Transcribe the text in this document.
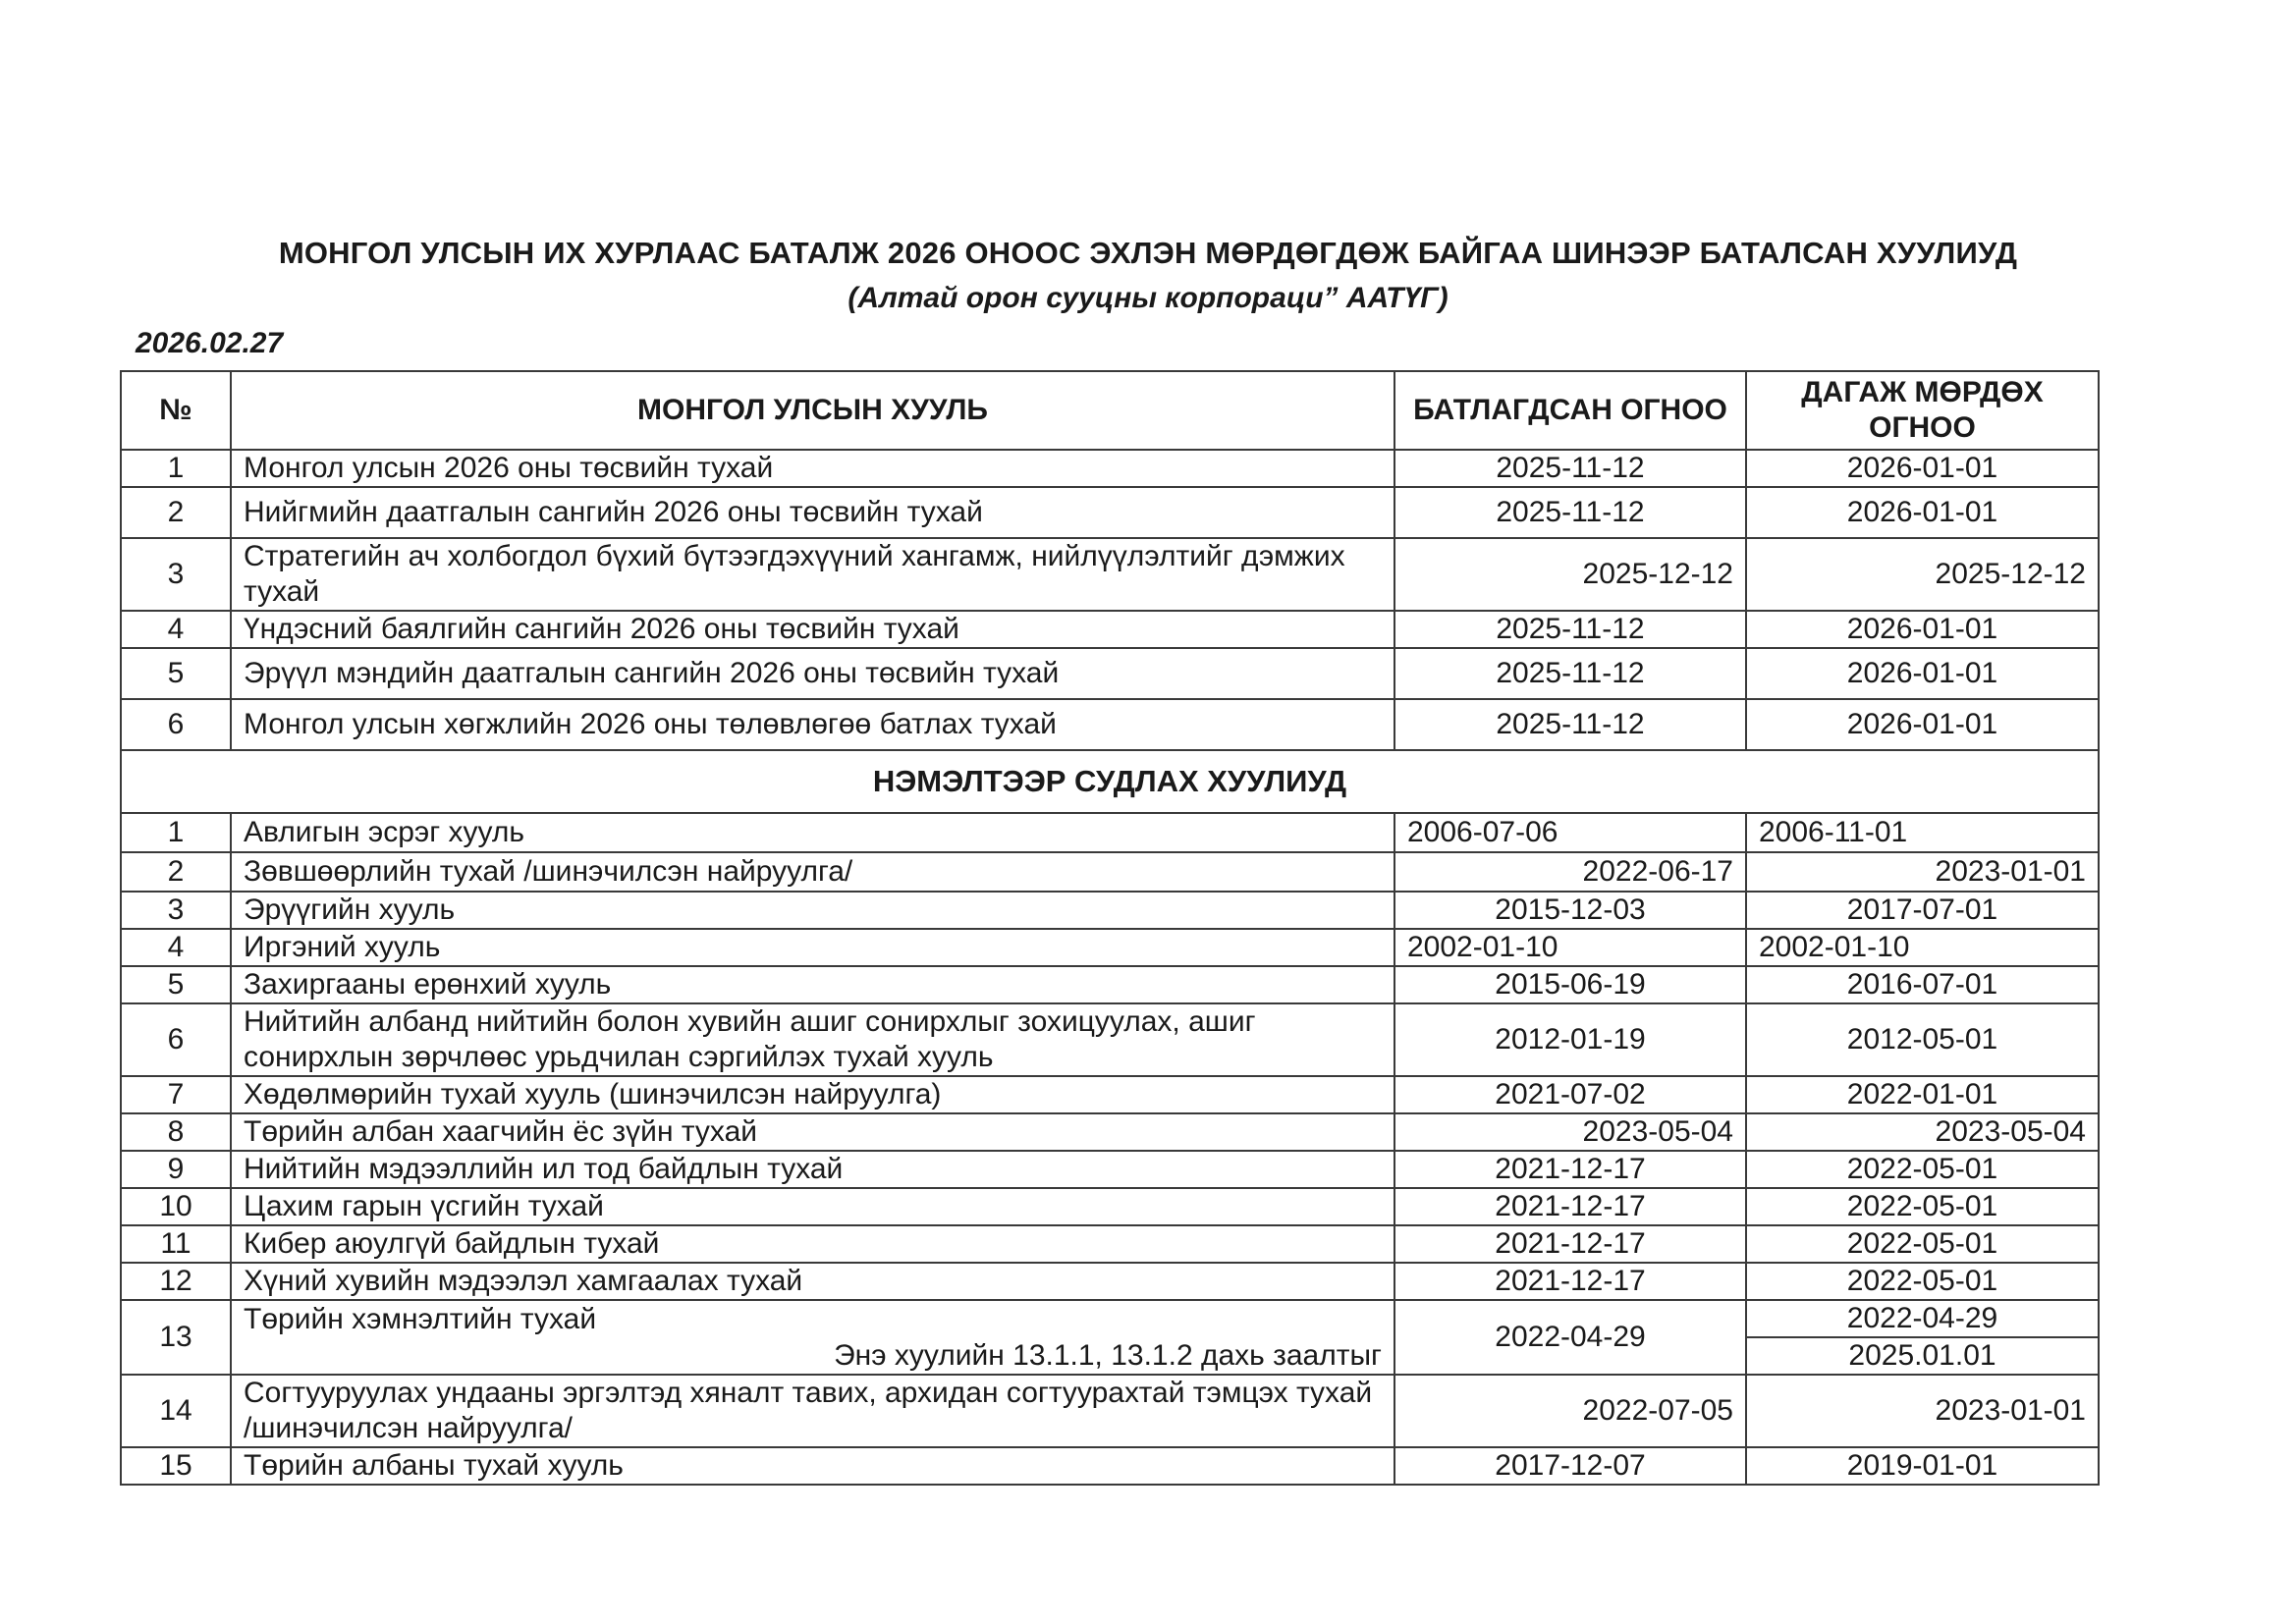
МОНГОЛ УЛСЫН ИХ ХУРЛААС БАТАЛЖ 2026 ОНООС ЭХЛЭН МӨРДӨГДӨЖ БАЙГАА ШИНЭЭР БАТАЛСАН ХУУЛИУД
(Алтай орон сууцны корпораци” ААТҮГ)
2026.02.27
№	МОНГОЛ УЛСЫН ХУУЛЬ	БАТЛАГДСАН ОГНОО	ДАГАЖ МӨРДӨХ ОГНОО
1	Монгол улсын 2026 оны төсвийн тухай	2025-11-12	2026-01-01
2	Нийгмийн даатгалын сангийн 2026 оны төсвийн тухай	2025-11-12	2026-01-01
3	Стратегийн ач холбогдол бүхий бүтээгдэхүүний хангамж, нийлүүлэлтийг дэмжих тухай	2025-12-12	2025-12-12
4	Үндэсний баялгийн сангийн 2026 оны төсвийн тухай	2025-11-12	2026-01-01
5	Эрүүл мэндийн даатгалын сангийн 2026 оны төсвийн тухай	2025-11-12	2026-01-01
6	Монгол улсын хөгжлийн 2026 оны төлөвлөгөө батлах тухай	2025-11-12	2026-01-01
НЭМЭЛТЭЭР СУДЛАХ ХУУЛИУД			
1	Авлигын эсрэг хууль	2006-07-06	2006-11-01
2	Зөвшөөрлийн тухай /шинэчилсэн найруулга/	2022-06-17	2023-01-01
3	Эрүүгийн хууль	2015-12-03	2017-07-01
4	Иргэний хууль	2002-01-10	2002-01-10
5	Захиргааны ерөнхий хууль	2015-06-19	2016-07-01
6	Нийтийн албанд нийтийн болон хувийн ашиг сонирхлыг зохицуулах, ашиг сонирхлын зөрчлөөс урьдчилан сэргийлэх тухай хууль	2012-01-19	2012-05-01
7	Хөдөлмөрийн тухай хууль (шинэчилсэн найруулга)	2021-07-02	2022-01-01
8	Төрийн албан хаагчийн ёс зүйн тухай	2023-05-04	2023-05-04
9	Нийтийн мэдээллийн ил тод байдлын тухай	2021-12-17	2022-05-01
10	Цахим гарын үсгийн тухай	2021-12-17	2022-05-01
11	Кибер аюулгүй байдлын тухай	2021-12-17	2022-05-01
12	Хүний хувийн мэдээлэл хамгаалах тухай	2021-12-17	2022-05-01
13	Төрийн хэмнэлтийн тухай	2022-04-29	2022-04-29
	Энэ хуулийн 13.1.1, 13.1.2 дахь заалтыг		2025.01.01
14	Согтууруулах ундааны эргэлтэд хяналт тавих, архидан согтуурахтай тэмцэх тухай /шинэчилсэн найруулга/	2022-07-05	2023-01-01
15	Төрийн албаны тухай хууль	2017-12-07	2019-01-01
